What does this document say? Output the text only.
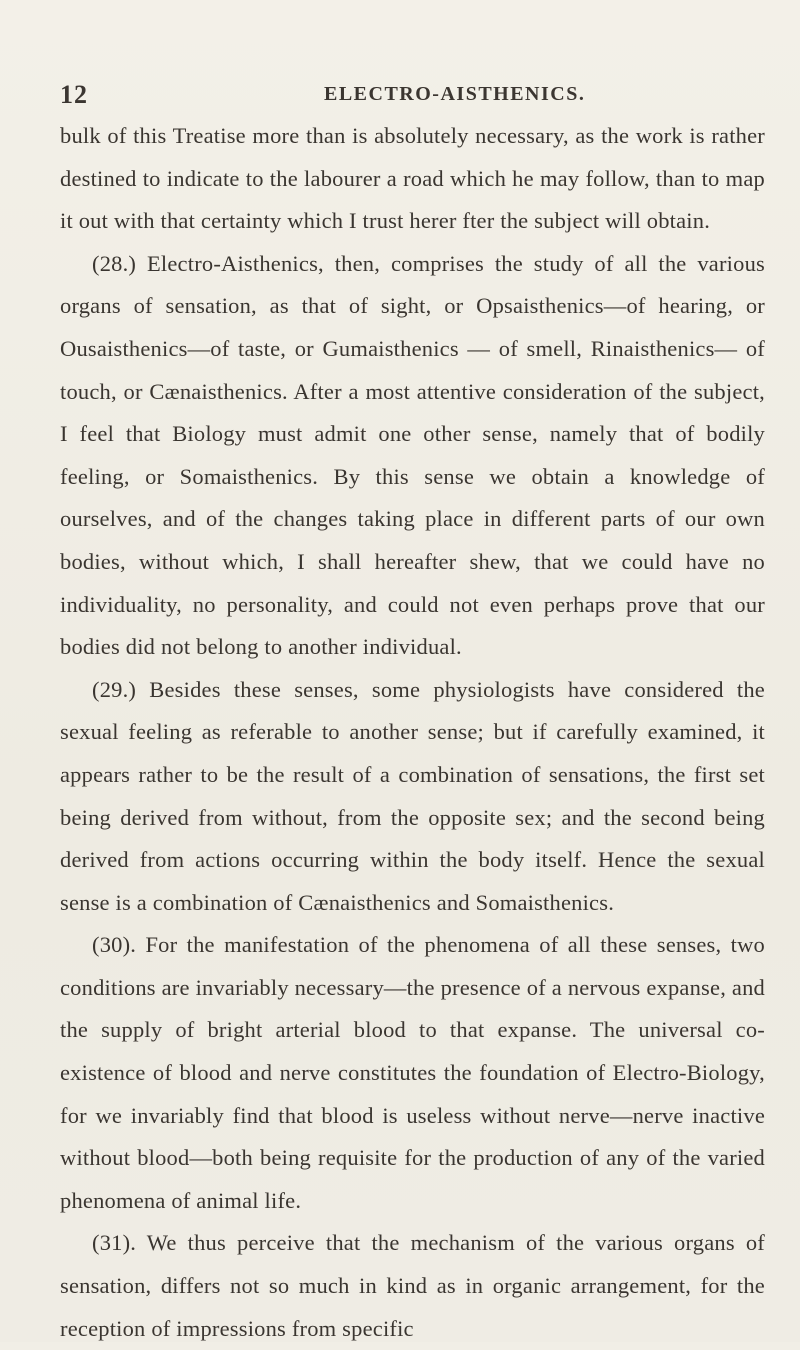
12	ELECTRO-AISTHENICS.

bulk of this Treatise more than is absolutely necessary, as the work is rather destined to indicate to the labourer a road which he may follow, than to map it out with that certainty which I trust herer fter the subject will obtain.

(28.) Electro-Aisthenics, then, comprises the study of all the various organs of sensation, as that of sight, or Opsaisthenics—of hearing, or Ousaisthenics—of taste, or Gumaisthenics — of smell, Rinaisthenics— of touch, or Cænaisthenics. After a most attentive consideration of the subject, I feel that Biology must admit one other sense, namely that of bodily feeling, or Somaisthenics. By this sense we obtain a knowledge of ourselves, and of the changes taking place in different parts of our own bodies, without which, I shall hereafter shew, that we could have no individuality, no personality, and could not even perhaps prove that our bodies did not belong to another individual.

(29.) Besides these senses, some physiologists have considered the sexual feeling as referable to another sense; but if carefully examined, it appears rather to be the result of a combination of sensations, the first set being derived from without, from the opposite sex; and the second being derived from actions occurring within the body itself. Hence the sexual sense is a combination of Cænaisthenics and Somaisthenics.

(30). For the manifestation of the phenomena of all these senses, two conditions are invariably necessary—the presence of a nervous expanse, and the supply of bright arterial blood to that expanse. The universal co-existence of blood and nerve constitutes the foundation of Electro-Biology, for we invariably find that blood is useless without nerve—nerve inactive without blood—both being requisite for the production of any of the varied phenomena of animal life.

(31). We thus perceive that the mechanism of the various organs of sensation, differs not so much in kind as in organic arrangement, for the reception of impressions from specific
